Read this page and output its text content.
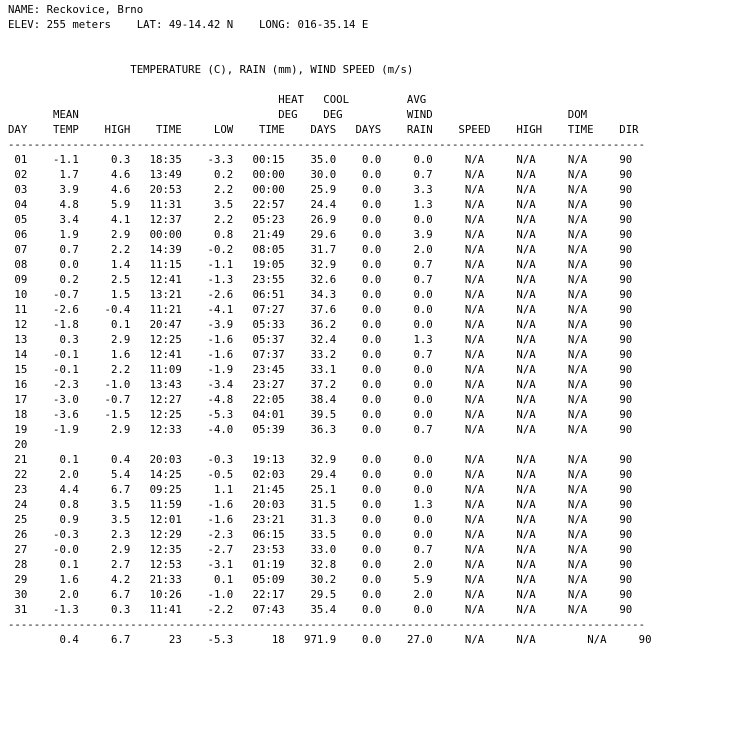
NAME: Reckovice, Brno
ELEV: 255 meters    LAT: 49-14.42 N    LONG: 016-35.14 E

TEMPERATURE (C), RAIN (mm), WIND SPEED (m/s)

HEAT   COOL         AVG
MEAN                               DEG    DEG          WIND                     DOM
DAY    TEMP    HIGH    TIME     LOW    TIME    DAYS   DAYS    RAIN    SPEED    HIGH    TIME    DIR
---------------------------------------------------------------------------------------------------
01    -1.1     0.3   18:35    -3.3   00:15    35.0    0.0     0.0     N/A     N/A     N/A     90
02     1.7     4.6   13:49     0.2   00:00    30.0    0.0     0.7     N/A     N/A     N/A     90
03     3.9     4.6   20:53     2.2   00:00    25.9    0.0     3.3     N/A     N/A     N/A     90
04     4.8     5.9   11:31     3.5   22:57    24.4    0.0     1.3     N/A     N/A     N/A     90
05     3.4     4.1   12:37     2.2   05:23    26.9    0.0     0.0     N/A     N/A     N/A     90
06     1.9     2.9   00:00     0.8   21:49    29.6    0.0     3.9     N/A     N/A     N/A     90
07     0.7     2.2   14:39    -0.2   08:05    31.7    0.0     2.0     N/A     N/A     N/A     90
08     0.0     1.4   11:15    -1.1   19:05    32.9    0.0     0.7     N/A     N/A     N/A     90
09     0.2     2.5   12:41    -1.3   23:55    32.6    0.0     0.7     N/A     N/A     N/A     90
10    -0.7     1.5   13:21    -2.6   06:51    34.3    0.0     0.0     N/A     N/A     N/A     90
11    -2.6    -0.4   11:21    -4.1   07:27    37.6    0.0     0.0     N/A     N/A     N/A     90
12    -1.8     0.1   20:47    -3.9   05:33    36.2    0.0     0.0     N/A     N/A     N/A     90
13     0.3     2.9   12:25    -1.6   05:37    32.4    0.0     1.3     N/A     N/A     N/A     90
14    -0.1     1.6   12:41    -1.6   07:37    33.2    0.0     0.7     N/A     N/A     N/A     90
15    -0.1     2.2   11:09    -1.9   23:45    33.1    0.0     0.0     N/A     N/A     N/A     90
16    -2.3    -1.0   13:43    -3.4   23:27    37.2    0.0     0.0     N/A     N/A     N/A     90
17    -3.0    -0.7   12:27    -4.8   22:05    38.4    0.0     0.0     N/A     N/A     N/A     90
18    -3.6    -1.5   12:25    -5.3   04:01    39.5    0.0     0.0     N/A     N/A     N/A     90
19    -1.9     2.9   12:33    -4.0   05:39    36.3    0.0     0.7     N/A     N/A     N/A     90
20
21     0.1     0.4   20:03    -0.3   19:13    32.9    0.0     0.0     N/A     N/A     N/A     90
22     2.0     5.4   14:25    -0.5   02:03    29.4    0.0     0.0     N/A     N/A     N/A     90
23     4.4     6.7   09:25     1.1   21:45    25.1    0.0     0.0     N/A     N/A     N/A     90
24     0.8     3.5   11:59    -1.6   20:03    31.5    0.0     1.3     N/A     N/A     N/A     90
25     0.9     3.5   12:01    -1.6   23:21    31.3    0.0     0.0     N/A     N/A     N/A     90
26    -0.3     2.3   12:29    -2.3   06:15    33.5    0.0     0.0     N/A     N/A     N/A     90
27    -0.0     2.9   12:35    -2.7   23:53    33.0    0.0     0.7     N/A     N/A     N/A     90
28     0.1     2.7   12:53    -3.1   01:19    32.8    0.0     2.0     N/A     N/A     N/A     90
29     1.6     4.2   21:33     0.1   05:09    30.2    0.0     5.9     N/A     N/A     N/A     90
30     2.0     6.7   10:26    -1.0   22:17    29.5    0.0     2.0     N/A     N/A     N/A     90
31    -1.3     0.3   11:41    -2.2   07:43    35.4    0.0     0.0     N/A     N/A     N/A     90
---------------------------------------------------------------------------------------------------
0.4     6.7      23    -5.3      18   971.9    0.0    27.0     N/A     N/A        N/A     90
